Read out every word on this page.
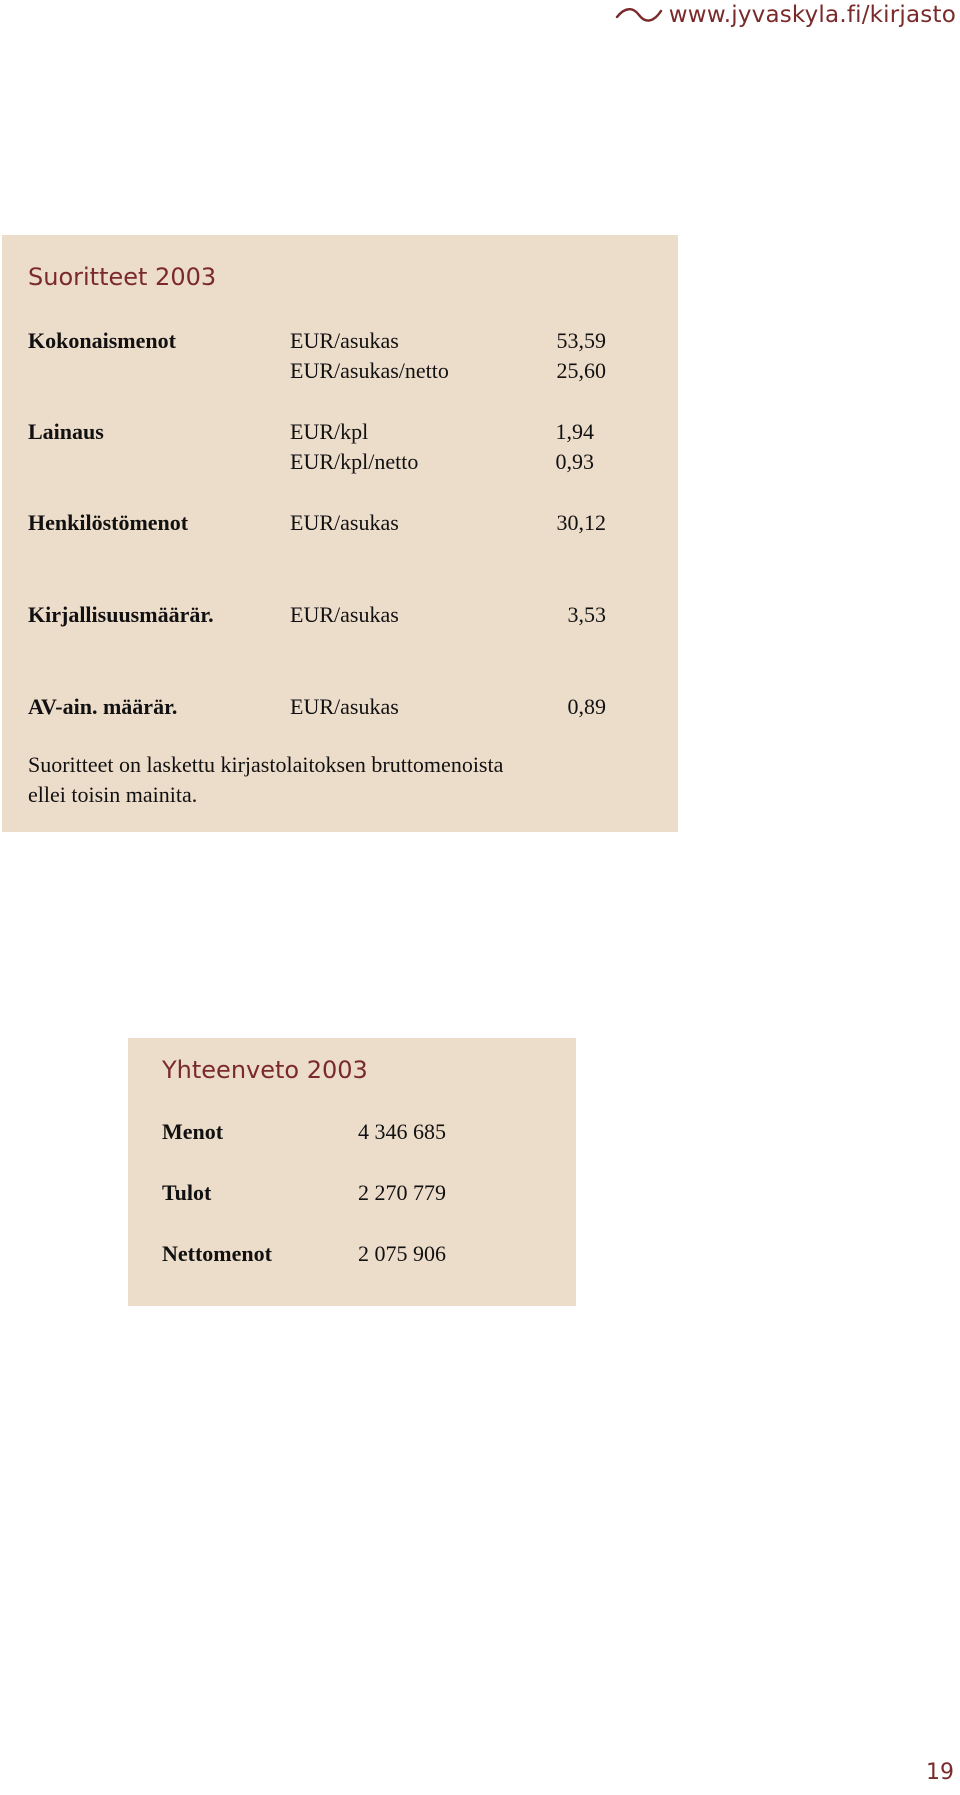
www.jyvaskyla.fi/kirjasto
Suoritteet 2003
Kokonaismenot	EUR/asukas	53,59
EUR/asukas/netto	25,60
Lainaus	EUR/kpl	1,94
EUR/kpl/netto	0,93
Henkilöstömenot	EUR/asukas	30,12
Kirjallisuusmäärär.	EUR/asukas	3,53
AV-ain. määrär.	EUR/asukas	0,89

Suoritteet on laskettu kirjastolaitoksen bruttomenoista
ellei toisin mainita.

Yhteenveto 2003
Menot	4 346 685
Tulot	2 270 779
Nettomenot	2 075 906
19
